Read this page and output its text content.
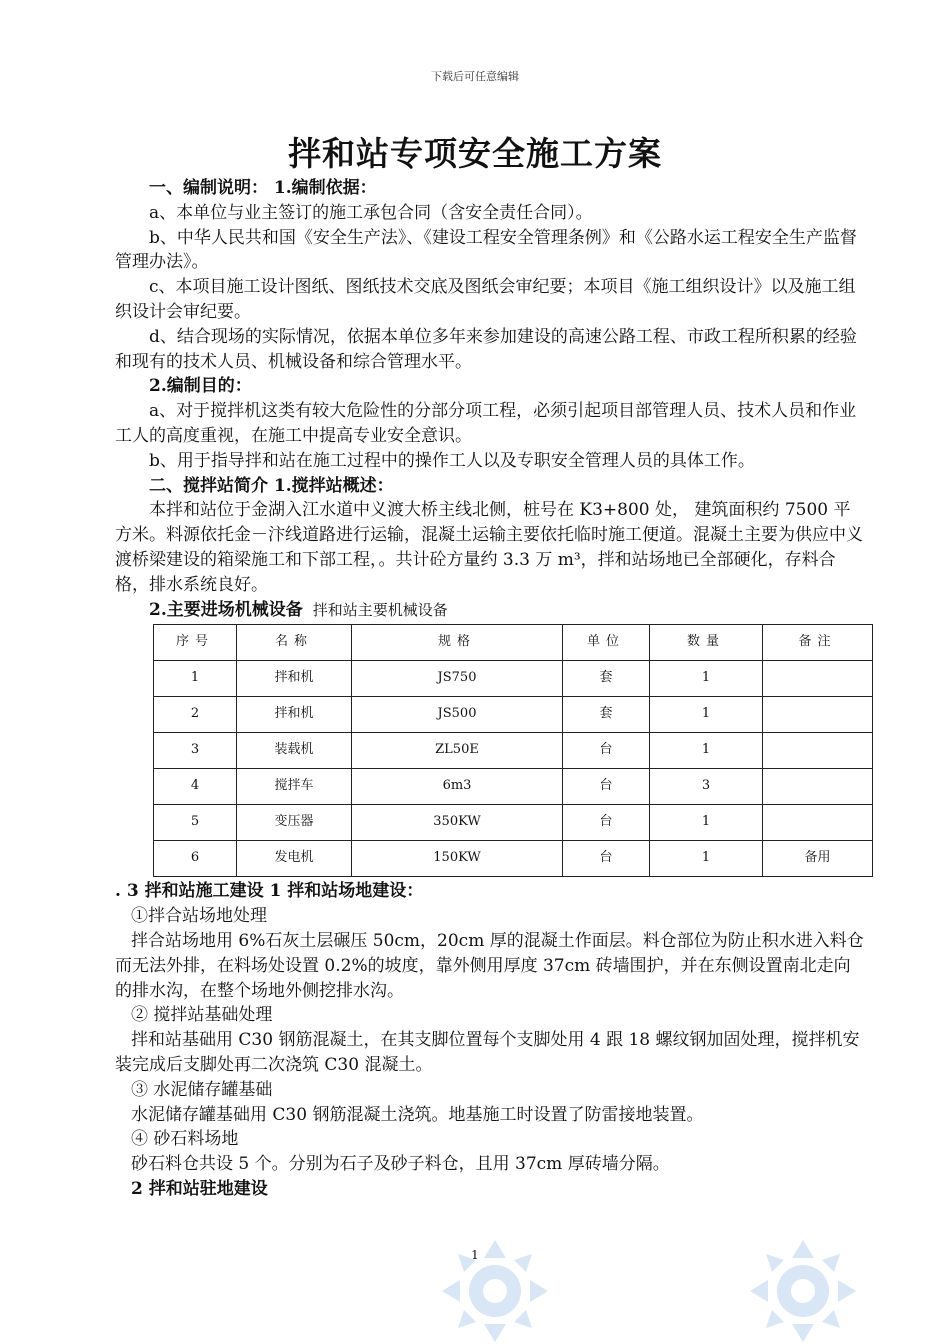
下载后可任意编辑
拌和站专项安全施工方案

一、编制说明： 1.编制依据：

a、本单位与业主签订的施工承包合同（含安全责任合同）。

b、中华人民共和国《安全生产法》、《建设工程安全管理条例》和《公路水运工程安全生产监督管理办法》。

c、本项目施工设计图纸、图纸技术交底及图纸会审纪要；本项目《施工组织设计》以及施工组织设计会审纪要。

d、结合现场的实际情况，依据本单位多年来参加建设的高速公路工程、市政工程所积累的经验和现有的技术人员、机械设备和综合管理水平。

2.编制目的：

a、对于搅拌机这类有较大危险性的分部分项工程，必须引起项目部管理人员、技术人员和作业工人的高度重视，在施工中提高专业安全意识。

b、用于指导拌和站在施工过程中的操作工人以及专职安全管理人员的具体工作。

二、搅拌站简介 1.搅拌站概述：

本拌和站位于金湖入江水道中义渡大桥主线北侧，桩号在 K3+800 处， 建筑面积约 7500 平方米。料源依托金－汴线道路进行运输，混凝土运输主要依托临时施工便道。混凝土主要为供应中义渡桥梁建设的箱梁施工和下部工程，。共计砼方量约 3.3 万 m³，拌和站场地已全部硬化，存料合格，排水系统良好。

2.主要进场机械设备 拌和站主要机械设备

序号	名称	规格	单位	数量	备注
1	拌和机	JS750	套	1	
2	拌和机	JS500	套	1	
3	装载机	ZL50E	台	1	
4	搅拌车	6m3	台	3	
5	变压器	350KW	台	1	
6	发电机	150KW	台	1	备用

. 3 拌和站施工建设 1 拌和站场地建设：

①拌合站场地处理

拌合站场地用 6%石灰土层碾压 50cm，20cm 厚的混凝土作面层。料仓部位为防止积水进入料仓而无法外排，在料场处设置 0.2%的坡度，靠外侧用厚度 37cm 砖墙围护，并在东侧设置南北走向的排水沟，在整个场地外侧挖排水沟。

② 搅拌站基础处理

拌和站基础用 C30 钢筋混凝土，在其支脚位置每个支脚处用 4 跟 18 螺纹钢加固处理，搅拌机安装完成后支脚处再二次浇筑 C30 混凝土。

③ 水泥储存罐基础

水泥储存罐基础用 C30 钢筋混凝土浇筑。地基施工时设置了防雷接地装置。

④ 砂石料场地

砂石料仓共设 5 个。分别为石子及砂子料仓，且用 37cm 厚砖墙分隔。

2 拌和站驻地建设

1
